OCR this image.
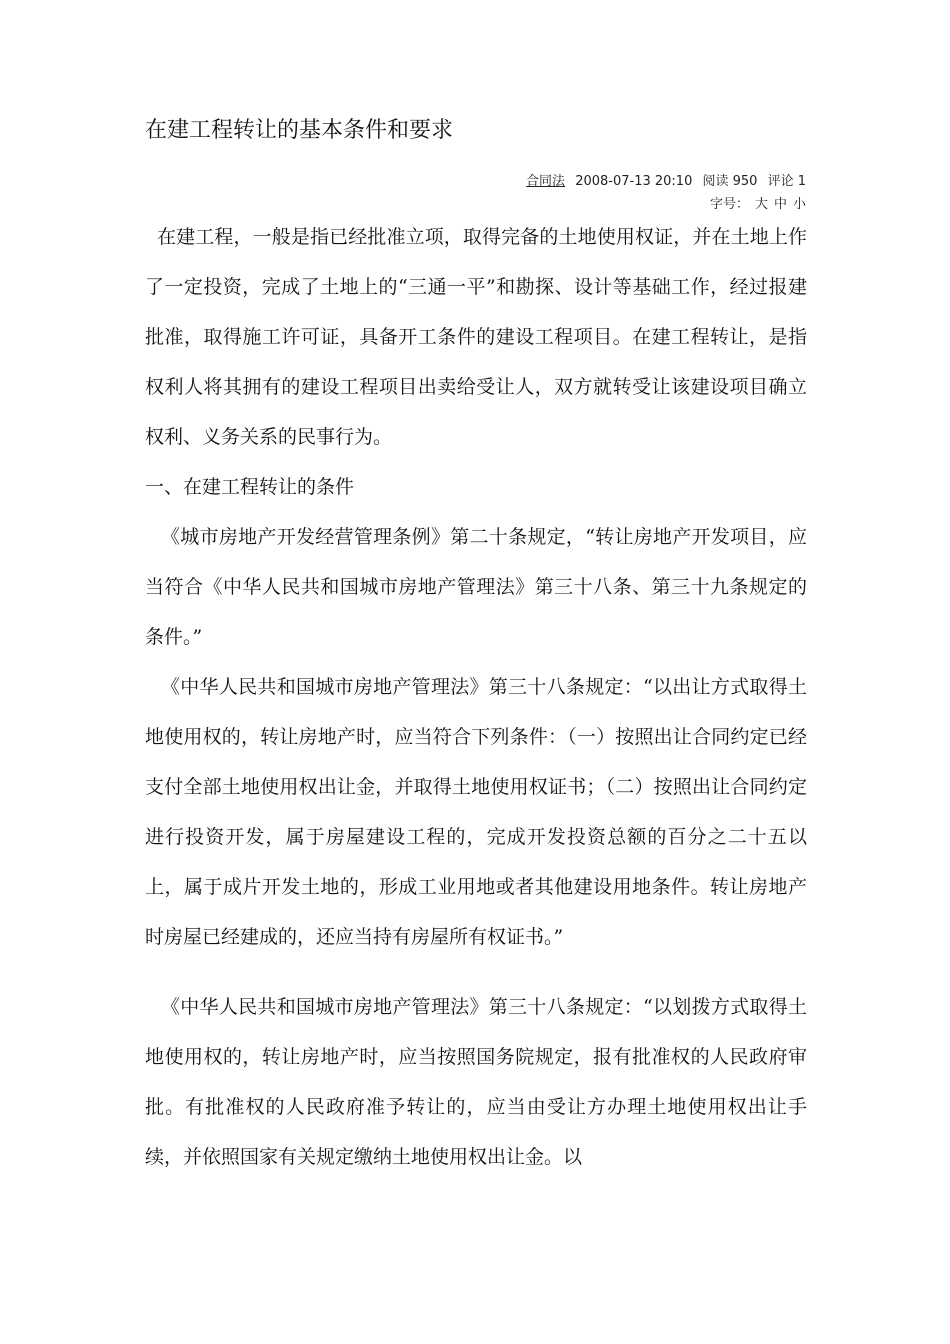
在建工程转让的基本条件和要求
合同法 2008-07-13 20:10 阅读 950 评论 1
字号： 大 中 小

在建工程，一般是指已经批准立项，取得完备的土地使用权证，并在土地上作了一定投资，完成了土地上的“三通一平”和勘探、设计等基础工作，经过报建批准，取得施工许可证，具备开工条件的建设工程项目。在建工程转让，是指权利人将其拥有的建设工程项目出卖给受让人，双方就转受让该建设项目确立权利、义务关系的民事行为。

一、在建工程转让的条件

《城市房地产开发经营管理条例》第二十条规定，“转让房地产开发项目，应当符合《中华人民共和国城市房地产管理法》第三十八条、第三十九条规定的条件。”

《中华人民共和国城市房地产管理法》第三十八条规定：“以出让方式取得土地使用权的，转让房地产时，应当符合下列条件：（一）按照出让合同约定已经支付全部土地使用权出让金，并取得土地使用权证书；（二）按照出让合同约定进行投资开发，属于房屋建设工程的，完成开发投资总额的百分之二十五以上，属于成片开发土地的，形成工业用地或者其他建设用地条件。转让房地产时房屋已经建成的，还应当持有房屋所有权证书。”

《中华人民共和国城市房地产管理法》第三十八条规定：“以划拨方式取得土地使用权的，转让房地产时，应当按照国务院规定，报有批准权的人民政府审批。有批准权的人民政府准予转让的，应当由受让方办理土地使用权出让手续，并依照国家有关规定缴纳土地使用权出让金。以
